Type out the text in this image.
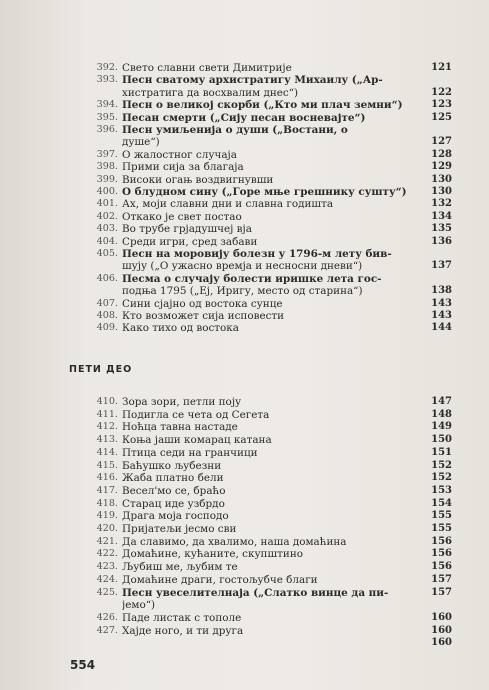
392. Свето славни свети Димитрије	121
393. Песн сватому архистратигу Михаилу („Ар-
хистратига да восхвалим днес“)	122
394. Песн о великој скорби („Кто ми плач земни“)	123
395. Песан смерти („Сију песан восневајте“)	125
396. Песн умиљенија о души („Востани, о
душе“)	127
397. О жалостног случаја	128
398. Прими сија за благаја	129
399. Високи огањ воздвигнувши	130
400. О блудном сину („Горе мње грешнику сушту“)	130
401. Ах, моји славни дни и славна годишта	132
402. Откако је свет постао	134
403. Во трубе грјадушчеј вја	135
404. Среди игри, сред забави	136
405. Песн на моровију болезн у 1796-м лету бив-
шују („О ужасно времја и несносни дневи“)	137
406. Песма о случају болести иришке лета гос-
подња 1795 („Ej, Иригу, место од старина“)	138
407. Сини сјајно од востока сунце	143
408. Кто возможет сија исповести	143
409. Како тихо од востока	144
410. Зора зори, петли поју	147
411. Подигла се чета од Сегета	148
412. Ноћца тавна настаде	149
413. Коња јаши комарац катана	150
414. Птица седи на гранчици	151
415. Бaћушко љубезни	152
416. Жаба платно бели	152
417. Весел'мо се, браћо	153
418. Старац иде узбрдо	154
419. Драга моја господо	155
420. Пријатељи јесмо сви	155
421. Да славимо, да хвалимо, наша домаћина	156
422. Домаћине, кућаните, скупштино	156
423. Љубиш ме, љубим те	156
424. Домаћине драги, гостољубче благи	157
425. Песн увеселителнаја („Слатко винце да пи-	157
јемо“)
426. Паде листак с тополе	160
427. Хајде ного, и ти друга	160
160
ПЕТИ ДЕО
554
